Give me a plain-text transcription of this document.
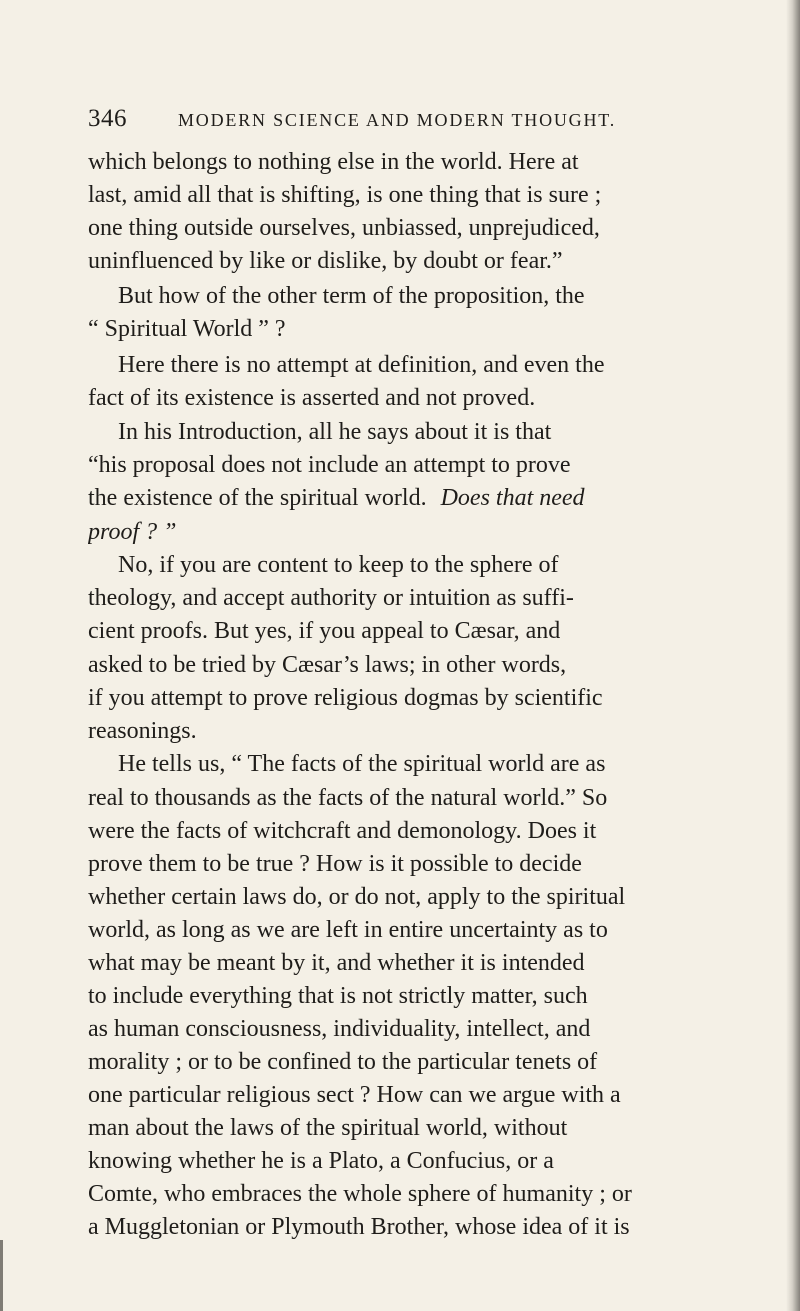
346	MODERN SCIENCE AND MODERN THOUGHT.
which belongs to nothing else in the world. Here at
last, amid all that is shifting, is one thing that is sure ;
one thing outside ourselves, unbiassed, unprejudiced,
uninfluenced by like or dislike, by doubt or fear.”
But how of the other term of the proposition, the
“ Spiritual World ” ?
Here there is no attempt at definition, and even the
fact of its existence is asserted and not proved.
In his Introduction, all he says about it is that
“his proposal does not include an attempt to prove
the existence of the spiritual world. Does that need
proof ? ”
No, if you are content to keep to the sphere of
theology, and accept authority or intuition as suffi-
cient proofs. But yes, if you appeal to Cæsar, and
asked to be tried by Cæsar’s laws; in other words,
if you attempt to prove religious dogmas by scientific
reasonings.
He tells us, “ The facts of the spiritual world are as
real to thousands as the facts of the natural world.” So
were the facts of witchcraft and demonology. Does it
prove them to be true ? How is it possible to decide
whether certain laws do, or do not, apply to the spiritual
world, as long as we are left in entire uncertainty as to
what may be meant by it, and whether it is intended
to include everything that is not strictly matter, such
as human consciousness, individuality, intellect, and
morality ; or to be confined to the particular tenets of
one particular religious sect ? How can we argue with a
man about the laws of the spiritual world, without
knowing whether he is a Plato, a Confucius, or a
Comte, who embraces the whole sphere of humanity ; or
a Muggletonian or Plymouth Brother, whose idea of it is
